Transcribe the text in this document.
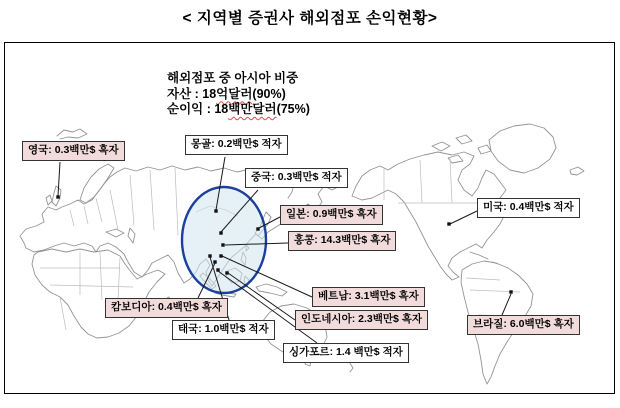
< 지역별 증권사 해외점포 손익현황>
해외점포 중 아시아 비중
자산 : 18억달러(90%)
순이익 : 18백만달러(75%)
영국: 0.3백만$ 흑자	몽골: 0.2백만$ 적자
중국: 0.3백만$ 적자
일본: 0.9백만$ 흑자
홍콩: 14.3백만$ 흑자
미국: 0.4백만$ 적자
베트남: 3.1백만$ 흑자
인도네시아: 2.3백만$ 흑자
캄보디아: 0.4백만$ 흑자
태국: 1.0백만$ 적자
싱가포르: 1.4 백만$ 적자
브라질: 6.0백만$ 흑자
